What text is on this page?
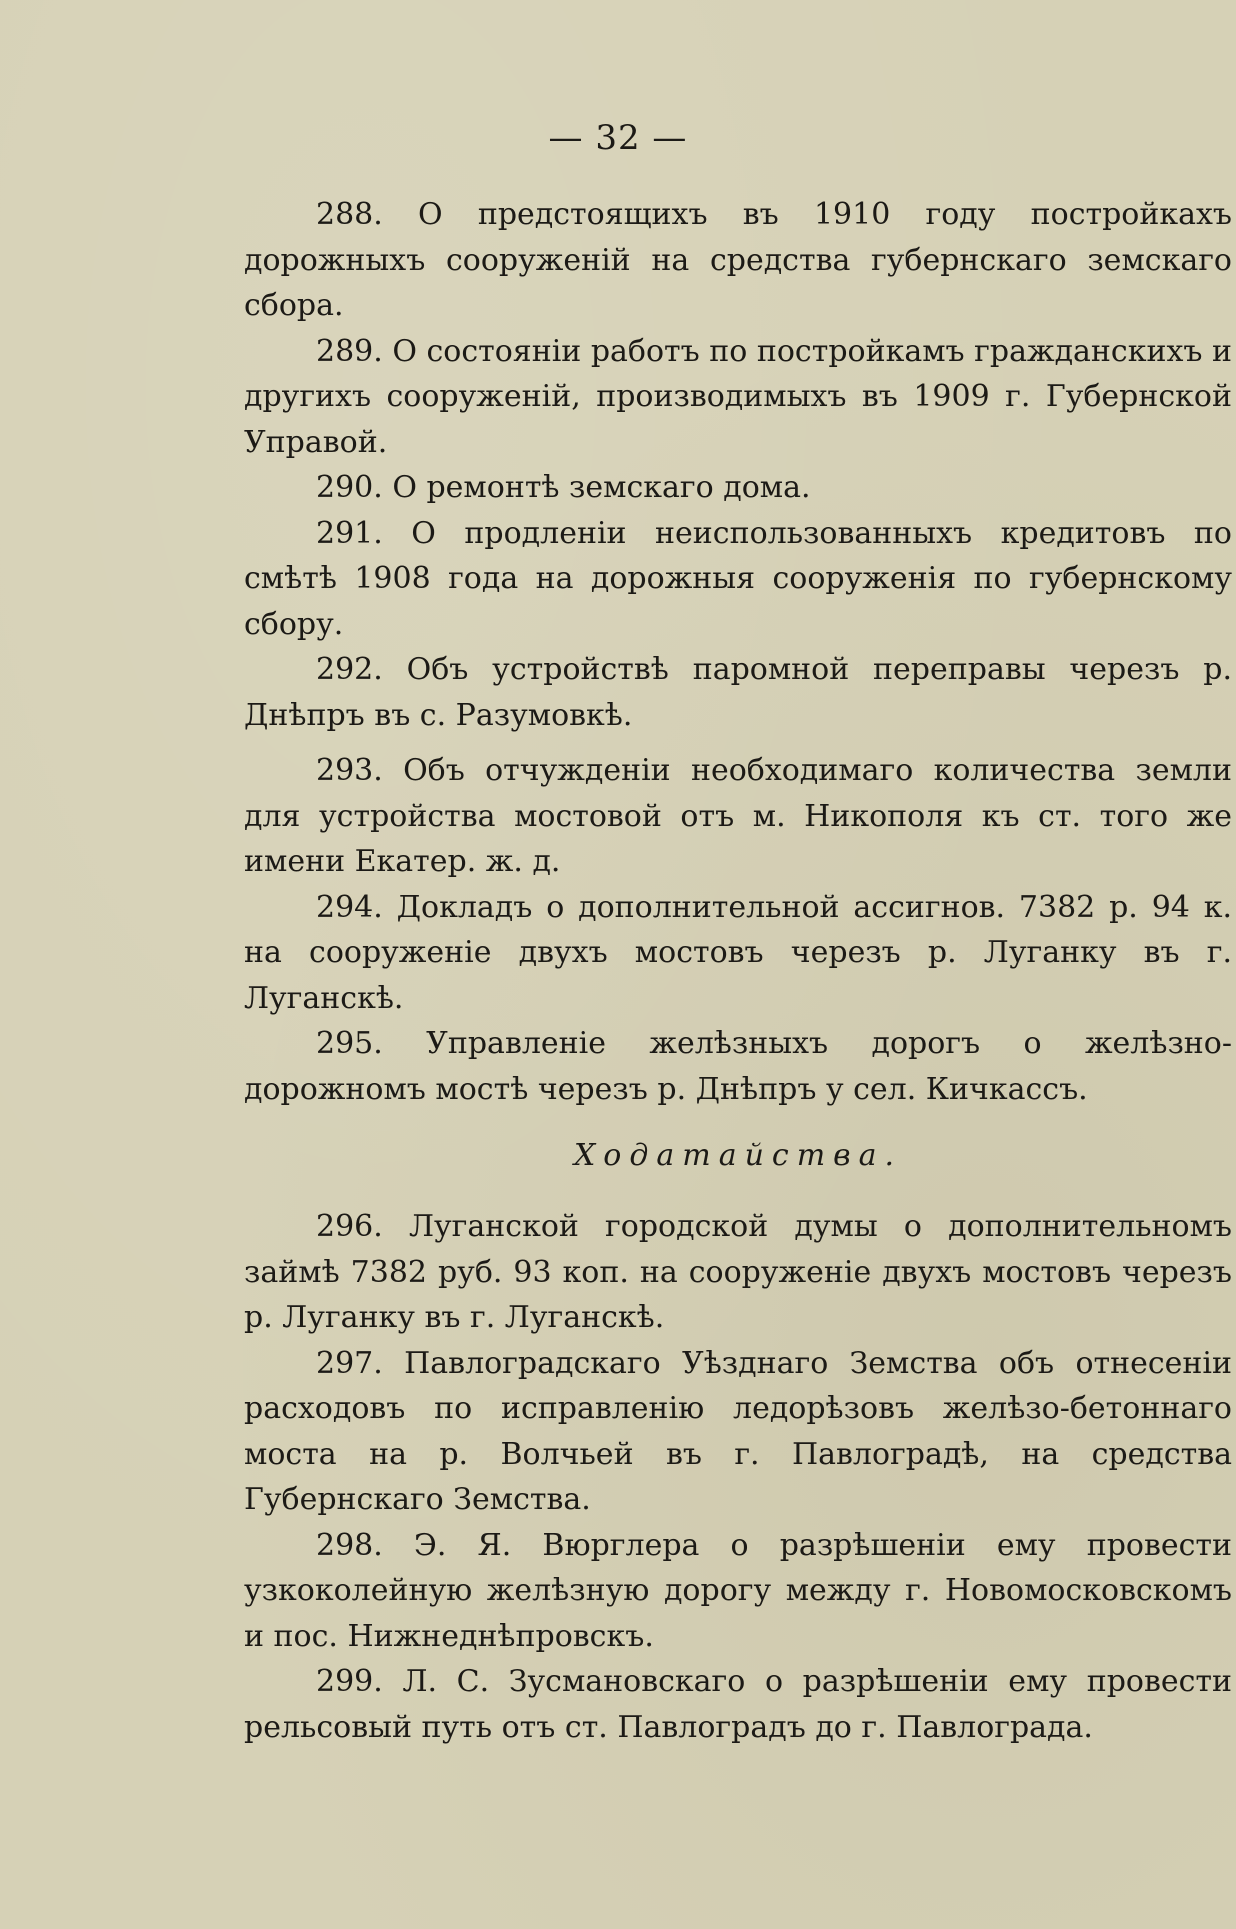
— 32 —

288. О предстоящихъ въ 1910 году постройкахъ дорожныхъ сооруженій на средства губернскаго земскаго сбора.

289. О состояніи работъ по постройкамъ гражданскихъ и другихъ сооруженій, производимыхъ въ 1909 г. Губернской Управой.

290. О ремонтѣ земскаго дома.

291. О продленіи неиспользованныхъ кредитовъ по смѣтѣ 1908 года на дорожныя сооруженія по губернскому сбору.

292. Объ устройствѣ паромной переправы черезъ р. Днѣпръ въ с. Разумовкѣ.

293. Объ отчужденіи необходимаго количества земли для устройства мостовой отъ м. Никополя къ ст. того же имени Екатер. ж. д.

294. Докладъ о дополнительной ассигнов. 7382 р. 94 к. на сооруженіе двухъ мостовъ черезъ р. Луганку въ г. Луганскѣ.

295. Управленіе желѣзныхъ дорогъ о желѣзно-дорожномъ мостѣ черезъ р. Днѣпръ у сел. Кичкассъ.

Ходатайства.

296. Луганской городской думы о дополнительномъ займѣ 7382 руб. 93 коп. на сооруженіе двухъ мостовъ черезъ р. Луганку въ г. Луганскѣ.

297. Павлоградскаго Уѣзднаго Земства объ отнесеніи расходовъ по исправленію ледорѣзовъ желѣзо-бетоннаго моста на р. Волчьей въ г. Павлоградѣ, на средства Губернскаго Земства.

298. Э. Я. Вюрглера о разрѣшеніи ему провести узкоколейную желѣзную дорогу между г. Новомосковскомъ и пос. Нижнеднѣпровскъ.

299. Л. С. Зусмановскаго о разрѣшеніи ему провести рельсовый путь отъ ст. Павлоградъ до г. Павлограда.
